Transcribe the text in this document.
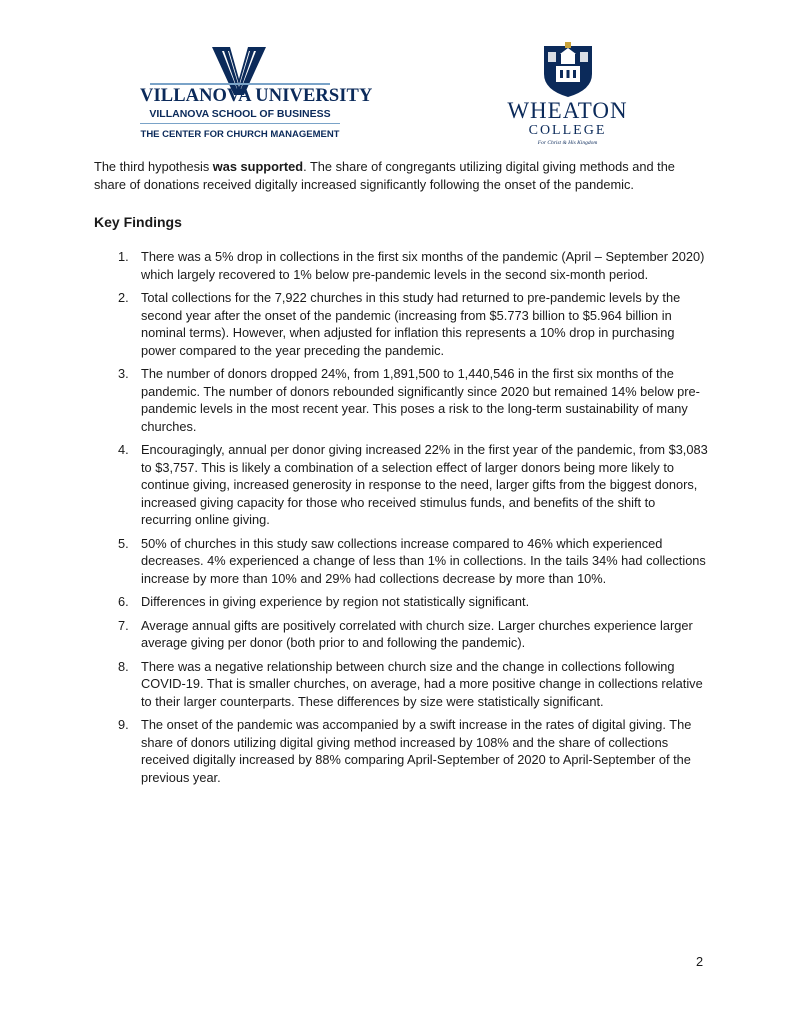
VILLANOVA UNIVERSITY
VILLANOVA SCHOOL OF BUSINESS
THE CENTER FOR CHURCH MANAGEMENT
WHEATON
COLLEGE
For Christ & His Kingdom

The third hypothesis was supported. The share of congregants utilizing digital giving methods and the share of donations received digitally increased significantly following the onset of the pandemic.

Key Findings
1. There was a 5% drop in collections in the first six months of the pandemic (April – September 2020) which largely recovered to 1% below pre-pandemic levels in the second six-month period.
2. Total collections for the 7,922 churches in this study had returned to pre-pandemic levels by the second year after the onset of the pandemic (increasing from $5.773 billion to $5.964 billion in nominal terms). However, when adjusted for inflation this represents a 10% drop in purchasing power compared to the year preceding the pandemic.
3. The number of donors dropped 24%, from 1,891,500 to 1,440,546 in the first six months of the pandemic. The number of donors rebounded significantly since 2020 but remained 14% below pre-pandemic levels in the most recent year. This poses a risk to the long-term sustainability of many churches.
4. Encouragingly, annual per donor giving increased 22% in the first year of the pandemic, from $3,083 to $3,757. This is likely a combination of a selection effect of larger donors being more likely to continue giving, increased generosity in response to the need, larger gifts from the biggest donors, increased giving capacity for those who received stimulus funds, and benefits of the shift to recurring online giving.
5. 50% of churches in this study saw collections increase compared to 46% which experienced decreases. 4% experienced a change of less than 1% in collections. In the tails 34% had collections increase by more than 10% and 29% had collections decrease by more than 10%.
6. Differences in giving experience by region not statistically significant.
7. Average annual gifts are positively correlated with church size. Larger churches experience larger average giving per donor (both prior to and following the pandemic).
8. There was a negative relationship between church size and the change in collections following COVID-19. That is smaller churches, on average, had a more positive change in collections relative to their larger counterparts. These differences by size were statistically significant.
9. The onset of the pandemic was accompanied by a swift increase in the rates of digital giving. The share of donors utilizing digital giving method increased by 108% and the share of collections received digitally increased by 88% comparing April-September of 2020 to April-September of the previous year.
2
